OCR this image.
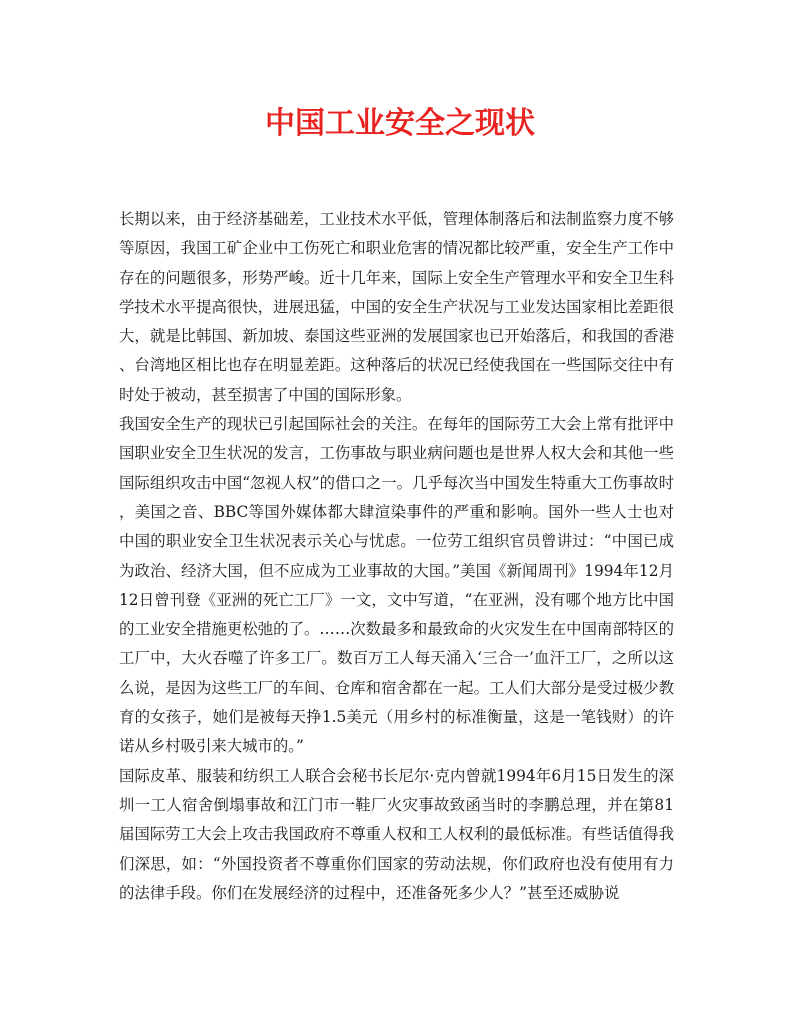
中国工业安全之现状

长期以来，由于经济基础差，工业技术水平低，管理体制落后和法制监察力度不够等原因，我国工矿企业中工伤死亡和职业危害的情况都比较严重，安全生产工作中存在的问题很多，形势严峻。近十几年来，国际上安全生产管理水平和安全卫生科学技术水平提高很快，进展迅猛，中国的安全生产状况与工业发达国家相比差距很大，就是比韩国、新加坡、泰国这些亚洲的发展国家也已开始落后，和我国的香港、台湾地区相比也存在明显差距。这种落后的状况已经使我国在一些国际交往中有时处于被动，甚至损害了中国的国际形象。

我国安全生产的现状已引起国际社会的关注。在每年的国际劳工大会上常有批评中国职业安全卫生状况的发言，工伤事故与职业病问题也是世界人权大会和其他一些国际组织攻击中国“忽视人权”的借口之一。几乎每次当中国发生特重大工伤事故时，美国之音、BBC等国外媒体都大肆渲染事件的严重和影响。国外一些人士也对中国的职业安全卫生状况表示关心与忧虑。一位劳工组织官员曾讲过：“中国已成为政治、经济大国，但不应成为工业事故的大国。”美国《新闻周刊》1994年12月12日曾刊登《亚洲的死亡工厂》一文，文中写道，“在亚洲，没有哪个地方比中国的工业安全措施更松弛的了。……次数最多和最致命的火灾发生在中国南部特区的工厂中，大火吞噬了许多工厂。数百万工人每天涌入‘三合一’血汗工厂，之所以这么说，是因为这些工厂的车间、仓库和宿舍都在一起。工人们大部分是受过极少教育的女孩子，她们是被每天挣1.5美元（用乡村的标准衡量，这是一笔钱财）的许诺从乡村吸引来大城市的。”

国际皮革、服装和纺织工人联合会秘书长尼尔·克内曾就1994年6月15日发生的深圳一工人宿舍倒塌事故和江门市一鞋厂火灾事故致函当时的李鹏总理，并在第81届国际劳工大会上攻击我国政府不尊重人权和工人权利的最低标准。有些话值得我们深思，如：“外国投资者不尊重你们国家的劳动法规，你们政府也没有使用有力的法律手段。你们在发展经济的过程中，还准备死多少人？”甚至还威胁说
